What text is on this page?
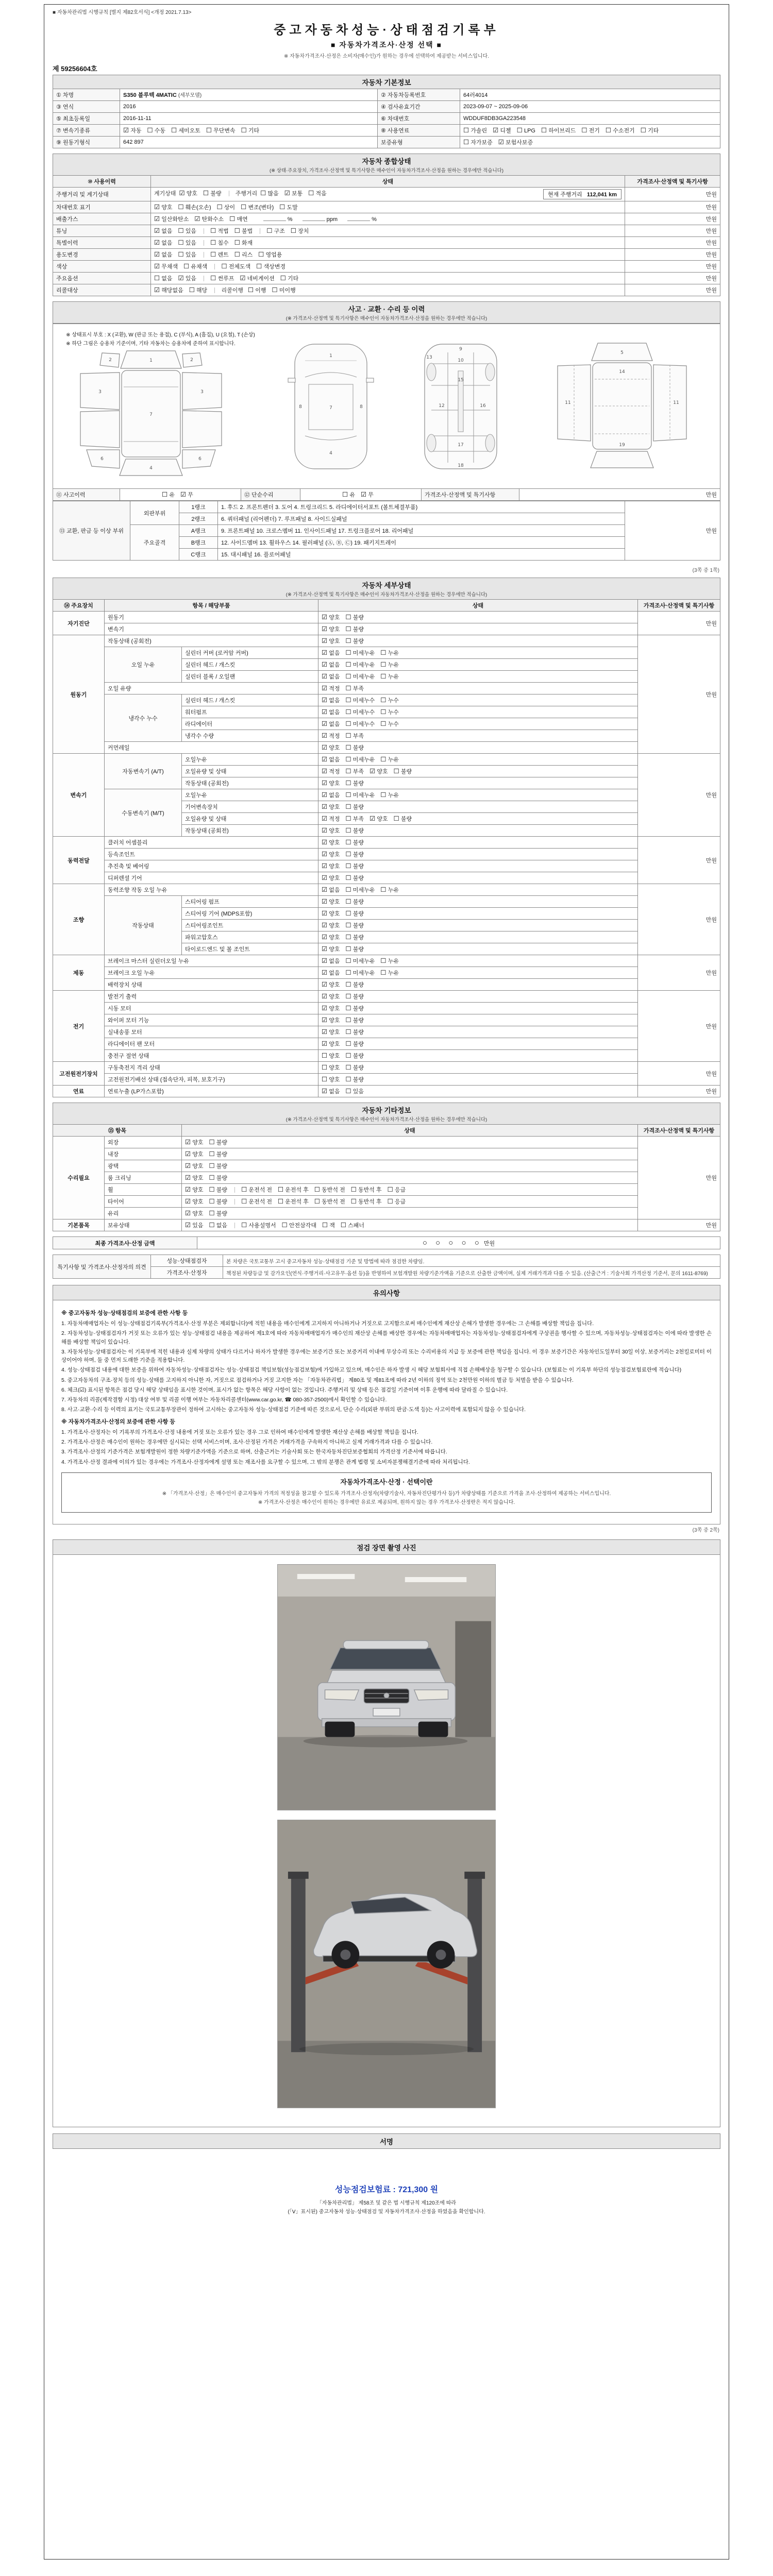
■ 자동차관리법 시행규칙 [별지 제82호서식] <개정 2021.7.13>
중고자동차성능·상태점검기록부
■ 자동차가격조사·산정 선택 ■
※ 자동차가격조사·산정은 소비자(매수인)가 원하는 경우에 선택하여 제공받는 서비스입니다.
제 59256604호
자동차 기본정보			

① 차명	S350 블루텍 4MATIC (세부모델)	② 자동차등록번호	64러4014
③ 연식	2016	④ 검사유효기간	2023-09-07 ~ 2025-09-06
⑤ 최초등록일	2016-11-11	⑥ 차대번호	WDDUF8DB3GA223548
⑦ 변속기종류	☑ 자동 ☐ 수동 ☐ 세미오토 ☐ 무단변속 ☐ 기타	⑧ 사용연료	☐ 가솔린 ☑ 디젤 ☐ LPG ☐ 하이브리드 ☐ 전기 ☐ 수소전기 ☐ 기타
⑨ 원동기형식	642 897	보증유형	☐ 자가보증 ☑ 보험사보증
자동차 종합상태
(※ 상태·주요장치, 가격조사·산정액 및 특기사항은 매수인이 자동차가격조사·산정을 원하는 경우에만 적습니다)		

⑩ 사용이력	상태	가격조사·산정액 및 특기사항
주행거리 및 계기상태	계기상태 ☑ 양호 ☐ 불량 주행거리 ☐ 많음 ☑ 보통 ☐ 적음 현재 주행거리 112,041 km	만원
차대번호 표기	☑ 양호 ☐ 훼손(오손) ☐ 상이 ☐ 변조(변타) ☐ 도말	만원
배출가스	☑ 일산화탄소 ☑ 탄화수소 ☐ 매연 % ppm %	만원
튜닝	☑ 없음 ☐ 있음 ☐ 적법 ☐ 불법 ☐ 구조 ☐ 장치	만원
특별이력	☑ 없음 ☐ 있음 ☐ 침수 ☐ 화재	만원
용도변경	☑ 없음 ☐ 있음 ☐ 렌트 ☐ 리스 ☐ 영업용	만원
색상	☑ 무채색 ☐ 유채색 ☐ 전체도색 ☐ 색상변경	만원
주요옵션	☐ 없음 ☑ 있음 ☐ 썬루프 ☑ 네비게이션 ☐ 기타	만원
리콜대상	☑ 해당없음 ☐ 해당 리콜이행 ☐ 이행 ☐ 미이행	만원
사고 · 교환 · 수리 등 이력
(※ 가격조사·산정액 및 특기사항은 매수인이 자동차가격조사·산정을 원하는 경우에만 적습니다)
※ 상태표시 부호 : X (교환), W (판금 또는 용접), C (부식), A (흠집), U (요철), T (손상)
※ 하단 그림은 승용차 기준이며, 기타 자동차는 승용차에 준하여 표시합니다.
1
2	2
3	3
4
6	6
7
1
7
4
8	8
9
10
12
13
15
16
17
18
5
11	11
14
19
⑪ 사고이력	☐ 유 ☑ 무	⑫ 단순수리	☐ 유 ☑ 무	가격조사·산정액 및 특기사항	만원
⑬ 교환, 판금 등 이상 부위	외판부위	1랭크	1. 후드 2. 프론트펜더 3. 도어 4. 트렁크리드 5. 라디에이터서포트 (볼트체결부품)	만원
		2랭크	6. 쿼터패널 (리어펜더) 7. 루프패널 8. 사이드실패널	
	주요골격	A랭크	9. 프론트패널 10. 크로스멤버 11. 인사이드패널 17. 트렁크플로어 18. 리어패널	
		B랭크	12. 사이드멤버 13. 휠하우스 14. 필러패널 (Ⓐ, Ⓑ, Ⓒ) 19. 패키지트레이	
		C랭크	15. 대시패널 16. 플로어패널	
(3쪽 중 1쪽)
자동차 세부상태
(※ 가격조사·산정액 및 특기사항은 매수인이 자동차가격조사·산정을 원하는 경우에만 적습니다)				

⑭ 주요장치	항목 / 해당부품		상태	가격조사·산정액 및 특기사항
자기진단	원동기		☑ 양호 ☐ 불량	만원
	변속기		☑ 양호 ☐ 불량	
원동기	작동상태 (공회전)		☑ 양호 ☐ 불량	만원
	오일 누유	실린더 커버 (로커암 커버)	☑ 없음 ☐ 미세누유 ☐ 누유	
		실린더 헤드 / 개스킷	☑ 없음 ☐ 미세누유 ☐ 누유	
		실린더 블록 / 오일팬	☑ 없음 ☐ 미세누유 ☐ 누유	
	오일 유량		☑ 적정 ☐ 부족	
	냉각수 누수	실린더 헤드 / 개스킷	☑ 없음 ☐ 미세누수 ☐ 누수	
		워터펌프	☑ 없음 ☐ 미세누수 ☐ 누수	
		라디에이터	☑ 없음 ☐ 미세누수 ☐ 누수	
		냉각수 수량	☑ 적정 ☐ 부족	
	커먼레일		☑ 양호 ☐ 불량	
변속기	자동변속기 (A/T)	오일누유	☑ 없음 ☐ 미세누유 ☐ 누유	만원
		오일유량 및 상태	☑ 적정 ☐ 부족 ☑ 양호 ☐ 불량	
		작동상태 (공회전)	☑ 양호 ☐ 불량	
	수동변속기 (M/T)	오일누유	☑ 없음 ☐ 미세누유 ☐ 누유	
		기어변속장치	☑ 양호 ☐ 불량	
		오일유량 및 상태	☑ 적정 ☐ 부족 ☑ 양호 ☐ 불량	
		작동상태 (공회전)	☑ 양호 ☐ 불량	
동력전달	클러치 어셈블리		☑ 양호 ☐ 불량	만원
	등속조인트		☑ 양호 ☐ 불량	
	추진축 및 베어링		☑ 양호 ☐ 불량	
	디퍼렌셜 기어		☑ 양호 ☐ 불량	
조향	동력조향 작동 오일 누유		☑ 없음 ☐ 미세누유 ☐ 누유	만원
	작동상태	스티어링 펌프	☑ 양호 ☐ 불량	
		스티어링 기어 (MDPS포함)	☑ 양호 ☐ 불량	
		스티어링조인트	☑ 양호 ☐ 불량	
		파워고압호스	☑ 양호 ☐ 불량	
		타이로드엔드 및 볼 조인트	☑ 양호 ☐ 불량	
제동	브레이크 마스터 실린더오일 누유		☑ 없음 ☐ 미세누유 ☐ 누유	만원
	브레이크 오일 누유		☑ 없음 ☐ 미세누유 ☐ 누유	
	배력장치 상태		☑ 양호 ☐ 불량	
전기	발전기 출력		☑ 양호 ☐ 불량	만원
	시동 모터		☑ 양호 ☐ 불량	
	와이퍼 모터 기능		☑ 양호 ☐ 불량	
	실내송풍 모터		☑ 양호 ☐ 불량	
	라디에이터 팬 모터		☑ 양호 ☐ 불량	
	충전구 절연 상태		☐ 양호 ☐ 불량	
고전원전기장치	구동축전지 격리 상태		☐ 양호 ☐ 불량	만원
	고전원전기배선 상태 (접속단자, 피복, 보호기구)		☐ 양호 ☐ 불량	
연료	연료누출 (LP가스포함)		☑ 없음 ☐ 있음	만원
자동차 기타정보
(※ 가격조사·산정액 및 특기사항은 매수인이 자동차가격조사·산정을 원하는 경우에만 적습니다)			

⑮ 항목		상태	가격조사·산정액 및 특기사항
수리필요	외장	☑ 양호 ☐ 불량	만원
	내장	☑ 양호 ☐ 불량	
	광택	☑ 양호 ☐ 불량	
	룸 크리닝	☑ 양호 ☐ 불량	
	휠	☑ 양호 ☐ 불량 ☐ 운전석 전 ☐ 운전석 후 ☐ 동반석 전 ☐ 동반석 후 ☐ 응급	
	타이어	☑ 양호 ☐ 불량 ☐ 운전석 전 ☐ 운전석 후 ☐ 동반석 전 ☐ 동반석 후 ☐ 응급	
	유리	☑ 양호 ☐ 불량	
기본품목	보유상태	☑ 있음 ☐ 없음 ☐ 사용설명서 ☐ 안전삼각대 ☐ 잭 ☐ 스패너	만원
최종 가격조사·산정 금액	○ ○ ○ ○ ○ 만원
특기사항 및 가격조사·산정자의 의견	성능·상태점검자	본 차량은 국토교통부 고시 중고자동차 성능·상태점검 기준 및 방법에 따라 점검한 차량임.
	가격조사·산정자	책정된 차량등급 및 감가요인(연식·주행거리·사고유무·옵션 등)을 반영하여 보험개발원 차량기준가액을 기준으로 산출한 금액이며, 실제 거래가격과 다를 수 있음. (산출근거 : 기술사회 가격산정 기준서, 문의 1611-8769)
유의사항
※ 중고자동차 성능·상태점검의 보증에 관한 사항 등
1. 자동차매매업자는 이 성능·상태점검기록부(가격조사·산정 부분은 제외합니다)에 적힌 내용을 매수인에게 고지하지 아니하거나 거짓으로 고지함으로써 매수인에게 재산상 손해가 발생한 경우에는 그 손해를 배상할 책임을 집니다.
2. 자동차성능·상태점검자가 거짓 또는 오류가 있는 성능·상태점검 내용을 제공하여 제1호에 따라 자동차매매업자가 매수인의 재산상 손해를 배상한 경우에는 자동차매매업자는 자동차성능·상태점검자에게 구상권을 행사할 수 있으며, 자동차성능·상태점검자는 이에 따라 발생한 손해를 배상할 책임이 있습니다.
3. 자동차성능·상태점검자는 이 기록부에 적힌 내용과 실제 차량의 상태가 다르거나 하자가 발생한 경우에는 보증기간 또는 보증거리 이내에 무상수리 또는 수리비용의 지급 등 보증에 관한 책임을 집니다. 이 경우 보증기간은 자동차인도일부터 30일 이상, 보증거리는 2천킬로미터 이상이어야 하며, 둘 중 먼저 도래한 기준을 적용합니다.
4. 성능·상태점검 내용에 대한 보증을 위하여 자동차성능·상태점검자는 성능·상태점검 책임보험(성능점검보험)에 가입하고 있으며, 매수인은 하자 발생 시 해당 보험회사에 직접 손해배상을 청구할 수 있습니다. (보험료는 이 기록부 하단의 성능점검보험료란에 적습니다)
5. 중고자동차의 구조·장치 등의 성능·상태를 고지하지 아니한 자, 거짓으로 점검하거나 거짓 고지한 자는 「자동차관리법」 제80조 및 제81조에 따라 2년 이하의 징역 또는 2천만원 이하의 벌금 등 처벌을 받을 수 있습니다.
6. 체크(☑) 표시된 항목은 점검 당시 해당 상태임을 표시한 것이며, 표시가 없는 항목은 해당 사항이 없는 것입니다. 주행거리 및 상태 등은 점검일 기준이며 이후 운행에 따라 달라질 수 있습니다.
7. 자동차의 리콜(제작결함 시정) 대상 여부 및 리콜 이행 여부는 자동차리콜센터(www.car.go.kr, ☎ 080-357-2500)에서 확인할 수 있습니다.
8. 사고·교환·수리 등 이력의 표기는 국토교통부장관이 정하여 고시하는 중고자동차 성능·상태점검 기준에 따른 것으로서, 단순 수리(외판 부위의 판금·도색 등)는 사고이력에 포함되지 않을 수 있습니다.
※ 자동차가격조사·산정의 보증에 관한 사항 등
1. 가격조사·산정자는 이 기록부의 가격조사·산정 내용에 거짓 또는 오류가 있는 경우 그로 인하여 매수인에게 발생한 재산상 손해를 배상할 책임을 집니다.
2. 가격조사·산정은 매수인이 원하는 경우에만 실시되는 선택 서비스이며, 조사·산정된 가격은 거래가격을 구속하지 아니하고 실제 거래가격과 다를 수 있습니다.
3. 가격조사·산정의 기준가격은 보험개발원이 정한 차량기준가액을 기준으로 하며, 산출근거는 기술사회 또는 한국자동차진단보증협회의 가격산정 기준서에 따릅니다.
4. 가격조사·산정 결과에 이의가 있는 경우에는 가격조사·산정자에게 설명 또는 재조사를 요구할 수 있으며, 그 밖의 분쟁은 관계 법령 및 소비자분쟁해결기준에 따라 처리됩니다.
자동차가격조사·산정 · 선택이란
※ 「가격조사·산정」은 매수인이 중고자동차 가격의 적정성을 참고할 수 있도록 가격조사·산정자(차량기술사, 자동차진단평가사 등)가 차량상태를 기준으로 가격을 조사·산정하여 제공하는 서비스입니다.
※ 가격조사·산정은 매수인이 원하는 경우에만 유료로 제공되며, 원하지 않는 경우 가격조사·산정란은 적지 않습니다.
(3쪽 중 2쪽)
점검 장면 촬영 사진
서명
성능점검보험료 : 721,300 원
「자동차관리법」 제58조 및 같은 법 시행규칙 제120조에 따라
(「Ⅴ」표시된) 중고자동차 성능·상태점검 및 자동차가격조사·산정을 하였음을 확인합니다.
